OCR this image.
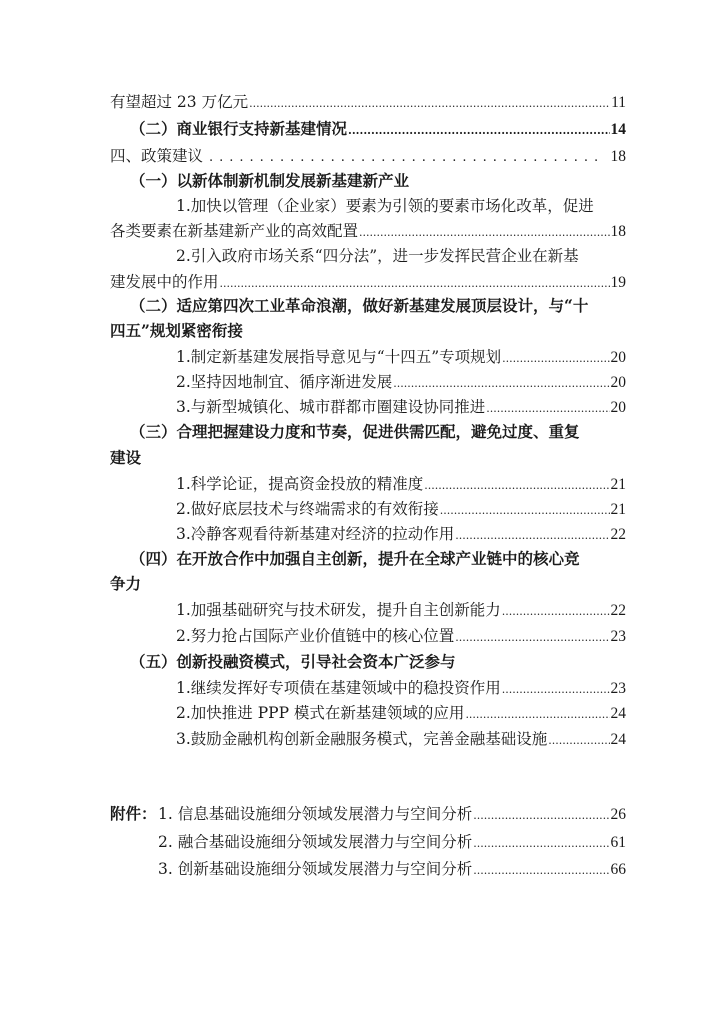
有望超过 23 万亿元 .....	11
（二）商业银行支持新基建情况 .....	14
四、政策建议 .....	18
（一）以新体制新机制发展新基建新产业
1.加快以管理（企业家）要素为引领的要素市场化改革，促进
各类要素在新基建新产业的高效配置 .....	18
2.引入政府市场关系“四分法”，进一步发挥民营企业在新基
建发展中的作用 .....	19
（二）适应第四次工业革命浪潮，做好新基建发展顶层设计，与“十
四五”规划紧密衔接
1.制定新基建发展指导意见与“十四五”专项规划 .....	20
2.坚持因地制宜、循序渐进发展 .....	20
3.与新型城镇化、城市群都市圈建设协同推进 .....	20
（三）合理把握建设力度和节奏，促进供需匹配，避免过度、重复
建设
1.科学论证，提高资金投放的精准度 .....	21
2.做好底层技术与终端需求的有效衔接 .....	21
3.冷静客观看待新基建对经济的拉动作用 .....	22
（四）在开放合作中加强自主创新，提升在全球产业链中的核心竞
争力
1.加强基础研究与技术研发，提升自主创新能力 .....	22
2.努力抢占国际产业价值链中的核心位置 .....	23
（五）创新投融资模式，引导社会资本广泛参与
1.继续发挥好专项债在基建领域中的稳投资作用 .....	23
2.加快推进 PPP 模式在新基建领域的应用 .....	24
3.鼓励金融机构创新金融服务模式，完善金融基础设施 .....	24
附件： 1. 信息基础设施细分领域发展潜力与空间分析 .....	26
2. 融合基础设施细分领域发展潜力与空间分析 .....	61
3. 创新基础设施细分领域发展潜力与空间分析 .....	66
